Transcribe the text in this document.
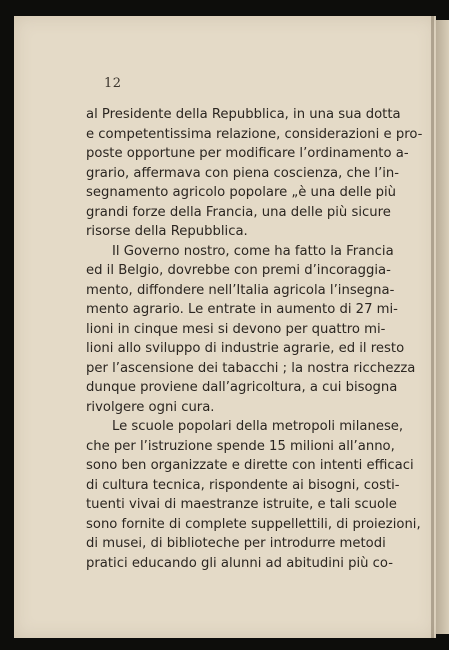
12
al Presidente della Repubblica, in una sua dotta
e competentissima relazione, considerazioni e pro-
poste opportune per modificare l’ordinamento a-
grario, affermava con piena coscienza, che l’in-
segnamento agricolo popolare „è una delle più
grandi forze della Francia, una delle più sicure
risorse della Repubblica.
Il Governo nostro, come ha fatto la Francia
ed il Belgio, dovrebbe con premi d’incoraggia-
mento, diffondere nell’Italia agricola l’insegna-
mento agrario. Le entrate in aumento di 27 mi-
lioni in cinque mesi si devono per quattro mi-
lioni allo sviluppo di industrie agrarie, ed il resto
per l’ascensione dei tabacchi ; la nostra ricchezza
dunque proviene dall’agricoltura, a cui bisogna
rivolgere ogni cura.
Le scuole popolari della metropoli milanese,
che per l’istruzione spende 15 milioni all’anno,
sono ben organizzate e dirette con intenti efficaci
di cultura tecnica, rispondente ai bisogni, costi-
tuenti vivai di maestranze istruite, e tali scuole
sono fornite di complete suppellettili, di proiezioni,
di musei, di biblioteche per introdurre metodi
pratici educando gli alunni ad abitudini più co-
